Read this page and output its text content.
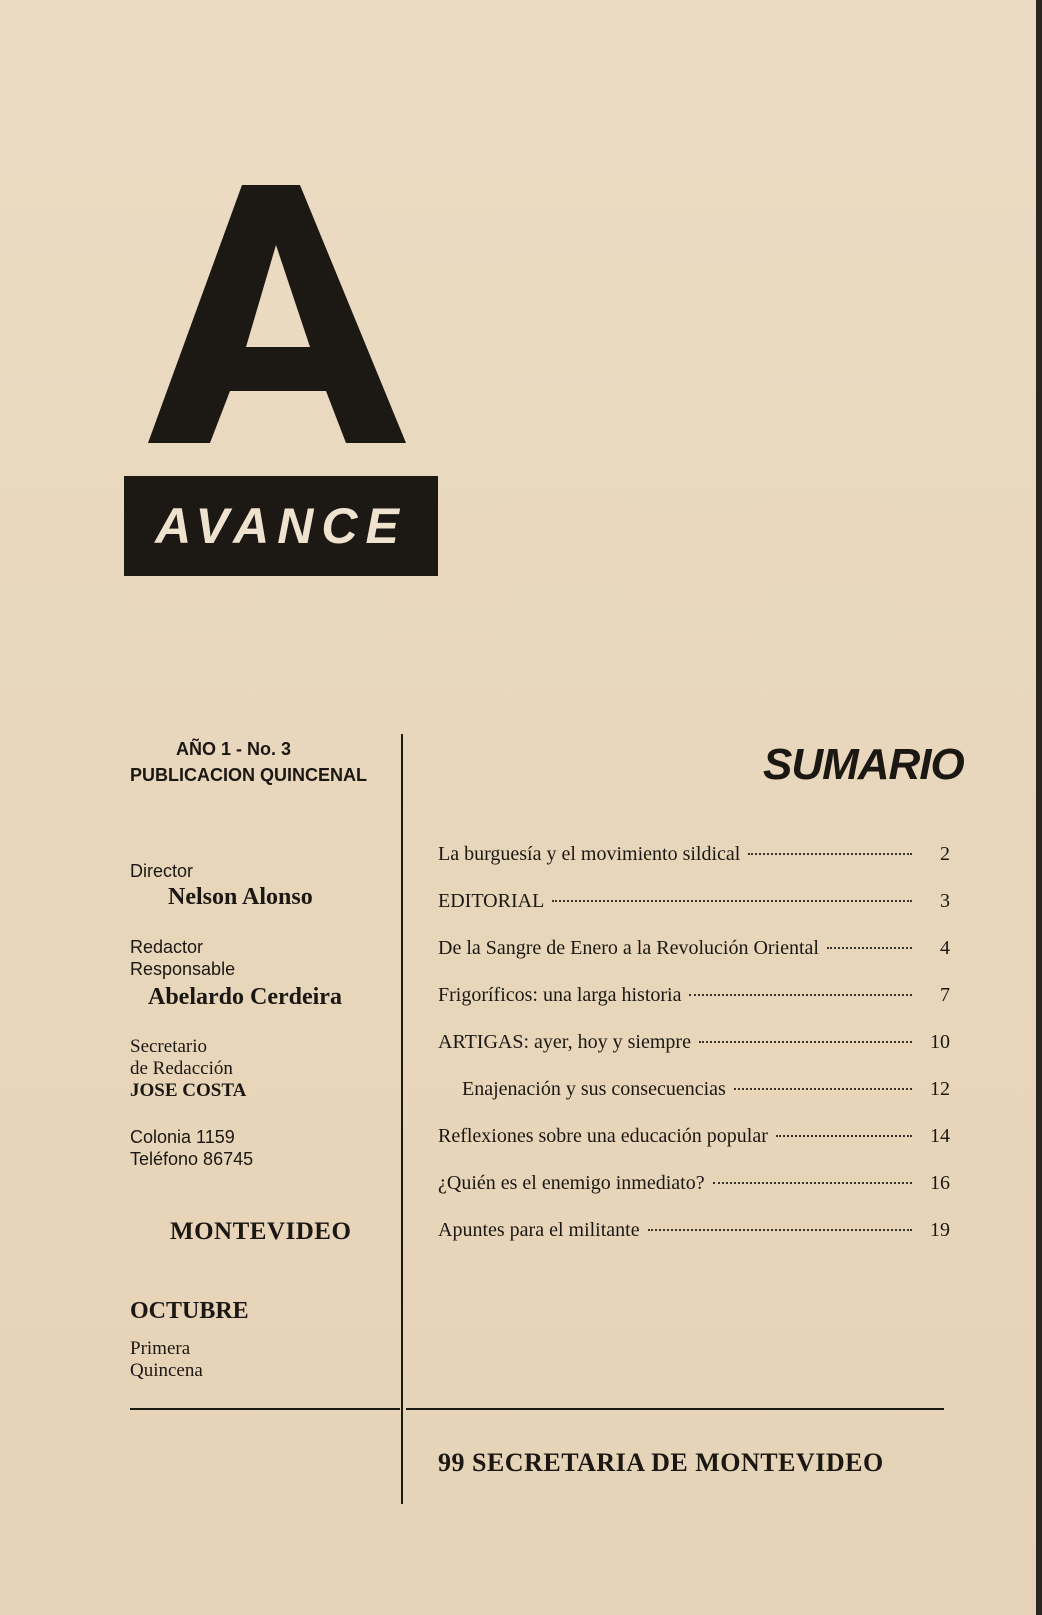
AVANCE
AÑO 1 - No. 3
PUBLICACION QUINCENAL
Director
Nelson Alonso
Redactor
Responsable
Abelardo Cerdeira
Secretario
de Redacción
JOSE COSTA
Colonia 1159
Teléfono 86745
MONTEVIDEO
OCTUBRE
Primera
Quincena
SUMARIO
La burguesía y el movimiento sildical	2
EDITORIAL	3
De la Sangre de Enero a la Revolución Oriental	4
Frigoríficos: una larga historia	7
ARTIGAS: ayer, hoy y siempre	10
Enajenación y sus consecuencias	12
Reflexiones sobre una educación popular	14
¿Quién es el enemigo inmediato?	16
Apuntes para el militante	19
99 SECRETARIA DE MONTEVIDEO
